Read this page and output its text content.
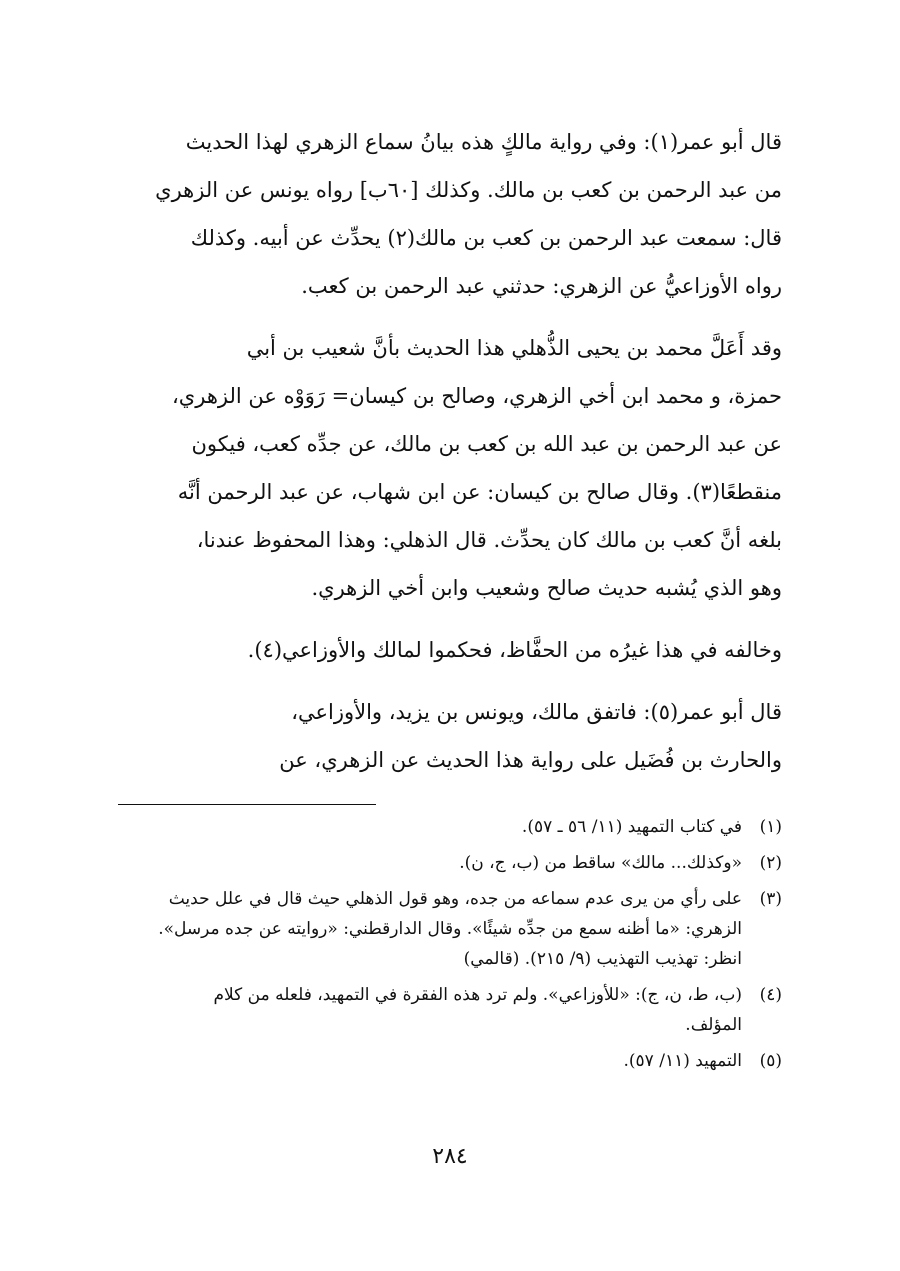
قال أبو عمر(١): وفي رواية مالكٍ هذه بيانُ سماع الزهري لهذا الحديث
من عبد الرحمن بن كعب بن مالك. وكذلك [٦٠ب] رواه يونس عن الزهري
قال: سمعت عبد الرحمن بن كعب بن مالك(٢) يحدِّث عن أبيه. وكذلك
رواه الأوزاعيُّ عن الزهري: حدثني عبد الرحمن بن كعب.

وقد أَعَلَّ محمد بن يحيى الذُّهلي هذا الحديث بأنَّ شعيب بن أبي
حمزة، و محمد ابن أخي الزهري، وصالح بن كيسان= رَوَوْه عن الزهري،
عن عبد الرحمن بن عبد الله بن كعب بن مالك، عن جدِّه كعب، فيكون
منقطعًا(٣). وقال صالح بن كيسان: عن ابن شهاب، عن عبد الرحمن أنَّه
بلغه أنَّ كعب بن مالك كان يحدِّث. قال الذهلي: وهذا المحفوظ عندنا،
وهو الذي يُشبه حديث صالح وشعيب وابن أخي الزهري.

وخالفه في هذا غيرُه من الحفَّاظ، فحكموا لمالك والأوزاعي(٤).

قال أبو عمر(٥): فاتفق مالك، ويونس بن يزيد، والأوزاعي،
والحارث بن فُضَيل على رواية هذا الحديث عن الزهري، عن

(١)
في كتاب التمهيد (١١/ ٥٦ ـ ٥٧).
(٢)
«وكذلك... مالك» ساقط من (ب، ج، ن).
(٣)
على رأي من يرى عدم سماعه من جده، وهو قول الذهلي حيث قال في علل حديث
الزهري: «ما أظنه سمع من جدِّه شيئًا». وقال الدارقطني: «روايته عن جده مرسل».
انظر: تهذيب التهذيب (٩/ ٢١٥). (قالمي)
(٤)
(ب، ط، ن، ج): «للأوزاعي». ولم ترد هذه الفقرة في التمهيد، فلعله من كلام
المؤلف.
(٥)
التمهيد (١١/ ٥٧).
٢٨٤
